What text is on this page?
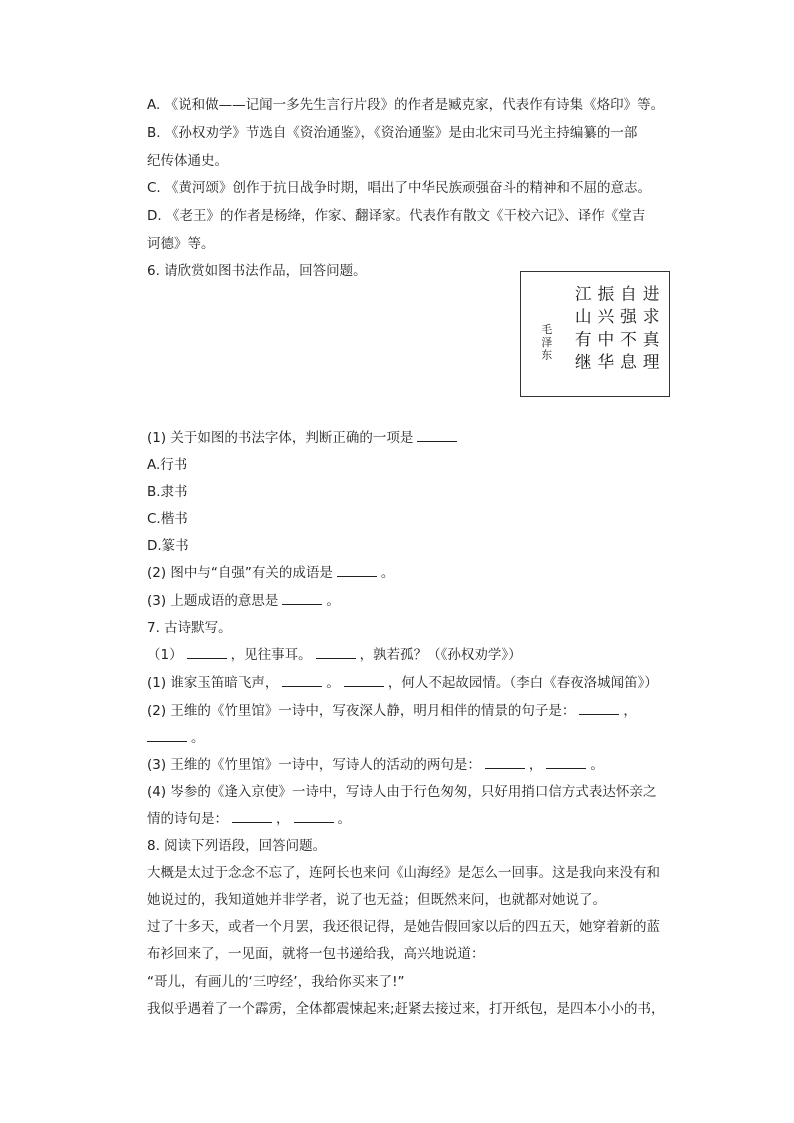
A. 《说和做——记闻一多先生言行片段》的作者是臧克家，代表作有诗集《烙印》等。
B. 《孙权劝学》节选自《资治通鉴》，《资治通鉴》是由北宋司马光主持编纂的一部
纪传体通史。
C. 《黄河颂》创作于抗日战争时期，唱出了中华民族顽强奋斗的精神和不屈的意志。
D. 《老王》的作者是杨绛，作家、翻译家。代表作有散文《干校六记》、译作《堂吉
诃德》等。
6. 请欣赏如图书法作品，回答问题。
进
求
真
理
自
强
不
息
振
兴
中
华
江
山
有
继
毛泽东
(1) 关于如图的书法字体，判断正确的一项是
A.行书
B.隶书
C.楷书
D.篆书
(2) 图中与“自强”有关的成语是	。
(3) 上题成语的意思是	。
7. 古诗默写。
（1）	，见往事耳。	，孰若孤？（《孙权劝学》）
(1) 谁家玉笛暗飞声，	。	，何人不起故园情。（李白《春夜洛城闻笛》）
(2) 王维的《竹里馆》一诗中，写夜深人静，明月相伴的情景的句子是：	，
。
(3) 王维的《竹里馆》一诗中，写诗人的活动的两句是：	，	。
(4) 岑参的《逢入京使》一诗中，写诗人由于行色匆匆，只好用捎口信方式表达怀亲之
情的诗句是：	，	。
8. 阅读下列语段，回答问题。
大概是太过于念念不忘了，连阿长也来问《山海经》是怎么一回事。这是我向来没有和
她说过的，我知道她并非学者，说了也无益；但既然来问，也就都对她说了。
过了十多天，或者一个月罢，我还很记得，是她告假回家以后的四五天，她穿着新的蓝
布衫回来了，一见面，就将一包书递给我，高兴地说道：
“哥儿，有画儿的‘三哼经’，我给你买来了!”
我似乎遇着了一个霹雳，全体都震悚起来;赶紧去接过来，打开纸包，是四本小小的书，
